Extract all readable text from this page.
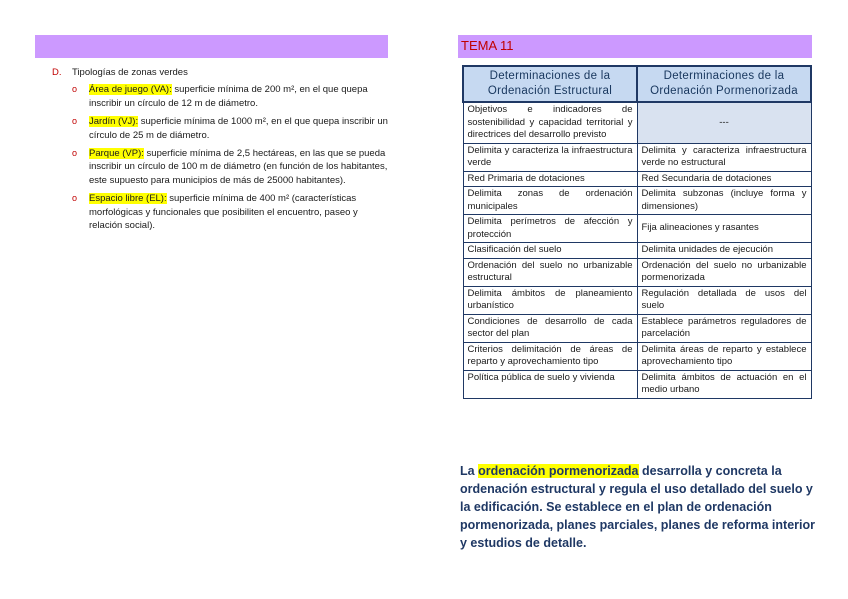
D.	Tipologías de zonas verdes
o Área de juego (VA): superficie mínima de 200 m², en el que quepa inscribir un círculo de 12 m de diámetro.
o Jardín (VJ): superficie mínima de 1000 m², en el que quepa inscribir un círculo de 25 m de diámetro.
o Parque (VP): superficie mínima de 2,5 hectáreas, en las que se pueda inscribir un círculo de 100 m de diámetro (en función de los habitantes, este supuesto para municipios de más de 25000 habitantes).
o Espacio libre (EL): superficie mínima de 400 m² (características morfológicas y funcionales que posibiliten el encuentro, paseo y relación social).
TEMA 11
Determinaciones de la Ordenación Estructural	Determinaciones de la Ordenación Pormenorizada
Objetivos e indicadores de sostenibilidad y capacidad territorial y directrices del desarrollo previsto	---
Delimita y caracteriza la infraestructura verde	Delimita y caracteriza infraestructura verde no estructural
Red Primaria de dotaciones	Red Secundaria de dotaciones
Delimita zonas de ordenación municipales	Delimita subzonas (incluye forma y dimensiones)
Delimita perímetros de afección y protección	Fija alineaciones y rasantes
Clasificación del suelo	Delimita unidades de ejecución
Ordenación del suelo no urbanizable estructural	Ordenación del suelo no urbanizable pormenorizada
Delimita ámbitos de planeamiento urbanístico	Regulación detallada de usos del suelo
Condiciones de desarrollo de cada sector del plan	Establece parámetros reguladores de parcelación
Criterios delimitación de áreas de reparto y aprovechamiento tipo	Delimita áreas de reparto y establece aprovechamiento tipo
Política pública de suelo y vivienda	Delimita ámbitos de actuación en el medio urbano
La ordenación pormenorizada desarrolla y concreta la ordenación estructural y regula el uso detallado del suelo y la edificación. Se establece en el plan de ordenación pormenorizada, planes parciales, planes de reforma interior y estudios de detalle.
